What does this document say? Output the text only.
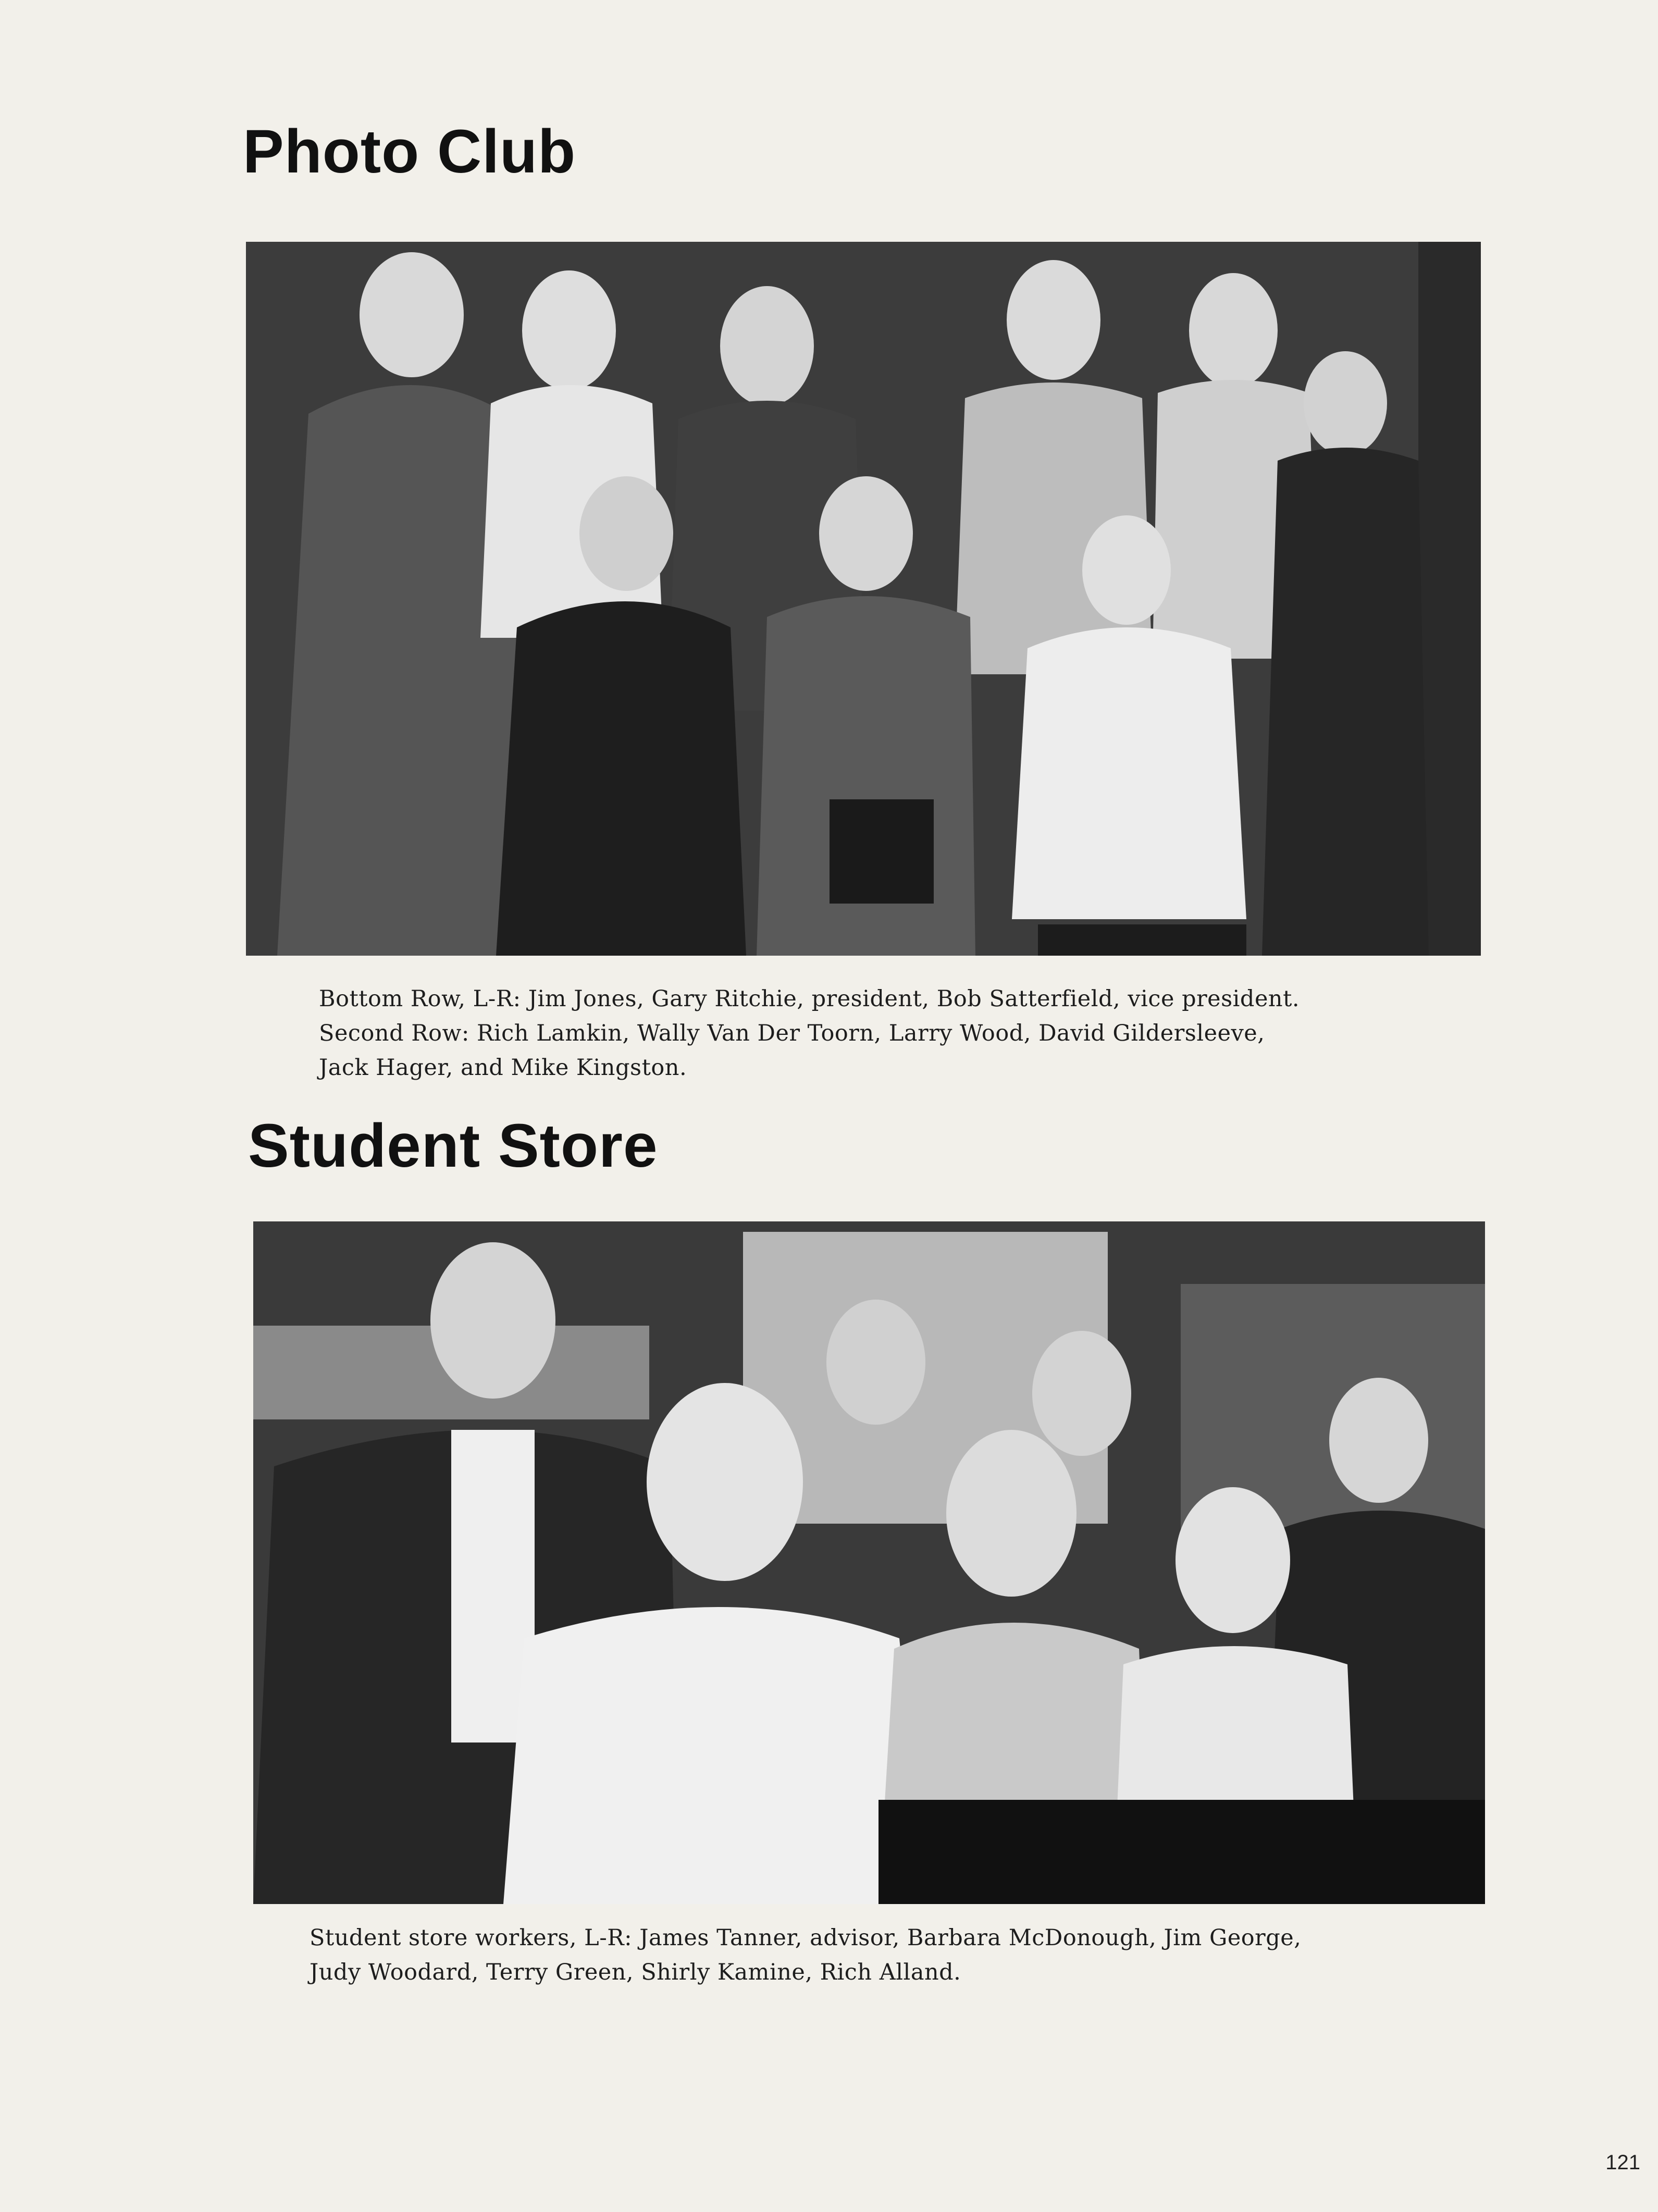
Photo Club

Bottom Row, L-R: Jim Jones, Gary Ritchie, president, Bob Satterfield, vice president.
Second Row: Rich Lamkin, Wally Van Der Toorn, Larry Wood, David Gildersleeve,
Jack Hager, and Mike Kingston.

Student Store

Student store workers, L-R: James Tanner, advisor, Barbara McDonough, Jim George,
Judy Woodard, Terry Green, Shirly Kamine, Rich Alland.

121
